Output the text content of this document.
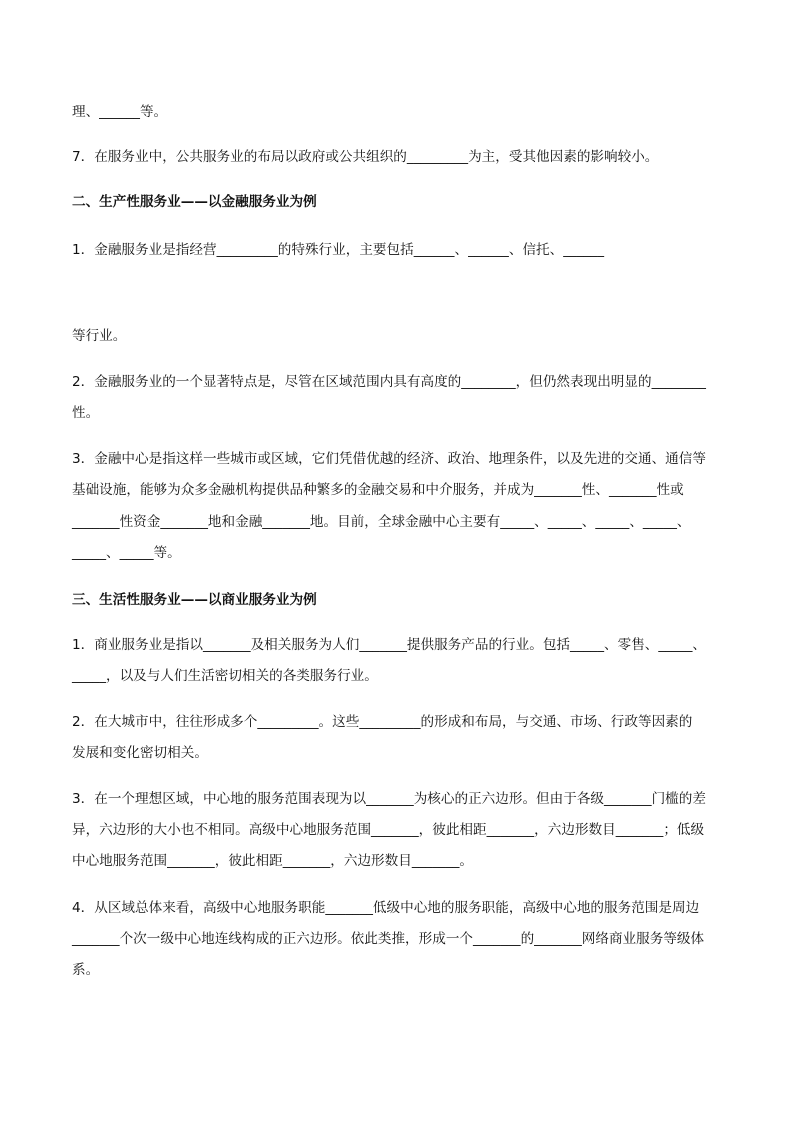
理、______等。
7．在服务业中，公共服务业的布局以政府或公共组织的_________为主，受其他因素的影响较小。
二、生产性服务业——以金融服务业为例
1．金融服务业是指经营_________的特殊行业，主要包括______、______、信托、______
等行业。
2．金融服务业的一个显著特点是，尽管在区域范围内具有高度的________，但仍然表现出明显的________
性。
3．金融中心是指这样一些城市或区域，它们凭借优越的经济、政治、地理条件，以及先进的交通、通信等
基础设施，能够为众多金融机构提供品种繁多的金融交易和中介服务，并成为_______性、_______性或
_______性资金_______地和金融_______地。目前，全球金融中心主要有_____、_____、_____、_____、
_____、_____等。
三、生活性服务业——以商业服务业为例
1．商业服务业是指以_______及相关服务为人们_______提供服务产品的行业。包括_____、零售、_____、
_____，以及与人们生活密切相关的各类服务行业。
2．在大城市中，往往形成多个_________。这些_________的形成和布局，与交通、市场、行政等因素的
发展和变化密切相关。
3．在一个理想区域，中心地的服务范围表现为以_______为核心的正六边形。但由于各级_______门槛的差
异，六边形的大小也不相同。高级中心地服务范围_______，彼此相距_______，六边形数目_______；低级
中心地服务范围_______，彼此相距_______，六边形数目_______。
4．从区域总体来看，高级中心地服务职能_______低级中心地的服务职能，高级中心地的服务范围是周边
_______个次一级中心地连线构成的正六边形。依此类推，形成一个_______的_______网络商业服务等级体
系。
